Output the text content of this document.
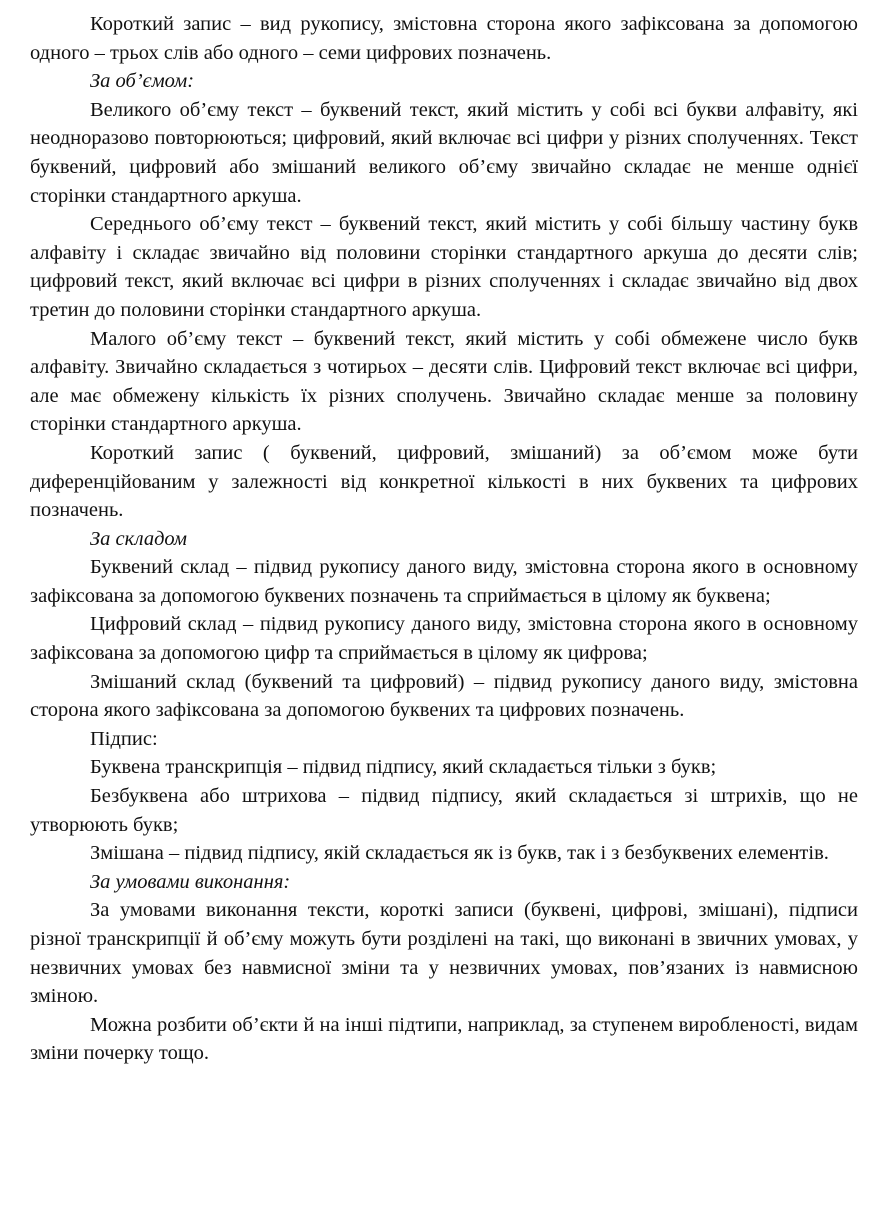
Короткий запис – вид рукопису, змістовна сторона якого зафіксована за допомогою одного – трьох слів або одного – семи цифрових позначень.

За об’ємом:

Великого об’єму текст – буквений текст, який містить у собі всі букви алфавіту, які неодноразово повторюються; цифровий, який включає всі цифри у різних сполученнях. Текст буквений, цифровий або змішаний великого об’єму звичайно складає не менше однієї сторінки стандартного аркуша.

Середнього об’єму текст – буквений текст, який містить у собі більшу частину букв алфавіту і складає звичайно від половини сторінки стандартного аркуша до десяти слів; цифровий текст, який включає всі цифри в різних сполученнях і складає звичайно від двох третин до половини сторінки стандартного аркуша.

Малого об’єму текст – буквений текст, який містить у собі обмежене число букв алфавіту. Звичайно складається з чотирьох – десяти слів. Цифровий текст включає всі цифри, але має обмежену кількість їх різних сполучень. Звичайно складає менше за половину сторінки стандартного аркуша.

Короткий запис ( буквений, цифровий, змішаний) за об’ємом може бути диференційованим у залежності від конкретної кількості в них буквених та цифрових позначень.

За складом

Буквений склад – підвид рукопису даного виду, змістовна сторона якого в основному зафіксована за допомогою буквених позначень та сприймається в цілому як буквена;

Цифровий склад – підвид рукопису даного виду, змістовна сторона якого в основному зафіксована за допомогою цифр та сприймається в цілому як цифрова;

Змішаний склад (буквений та цифровий) – підвид рукопису даного виду, змістовна сторона якого зафіксована за допомогою буквених та цифрових позначень.

Підпис:

Буквена транскрипція – підвид підпису, який складається тільки з букв;

Безбуквена або штрихова – підвид підпису, який складається зі штрихів, що не утворюють букв;

Змішана – підвид підпису, якій складається як із букв, так і з безбуквених елементів.

За умовами виконання:

За умовами виконання тексти, короткі записи (буквені, цифрові, змішані), підписи різної транскрипції й об’єму можуть бути розділені на такі, що виконані в звичних умовах, у незвичних умовах без навмисної зміни та у незвичних умовах, пов’язаних із навмисною зміною.

Можна розбити об’єкти й на інші підтипи, наприклад, за ступенем виробленості, видам зміни почерку тощо.
